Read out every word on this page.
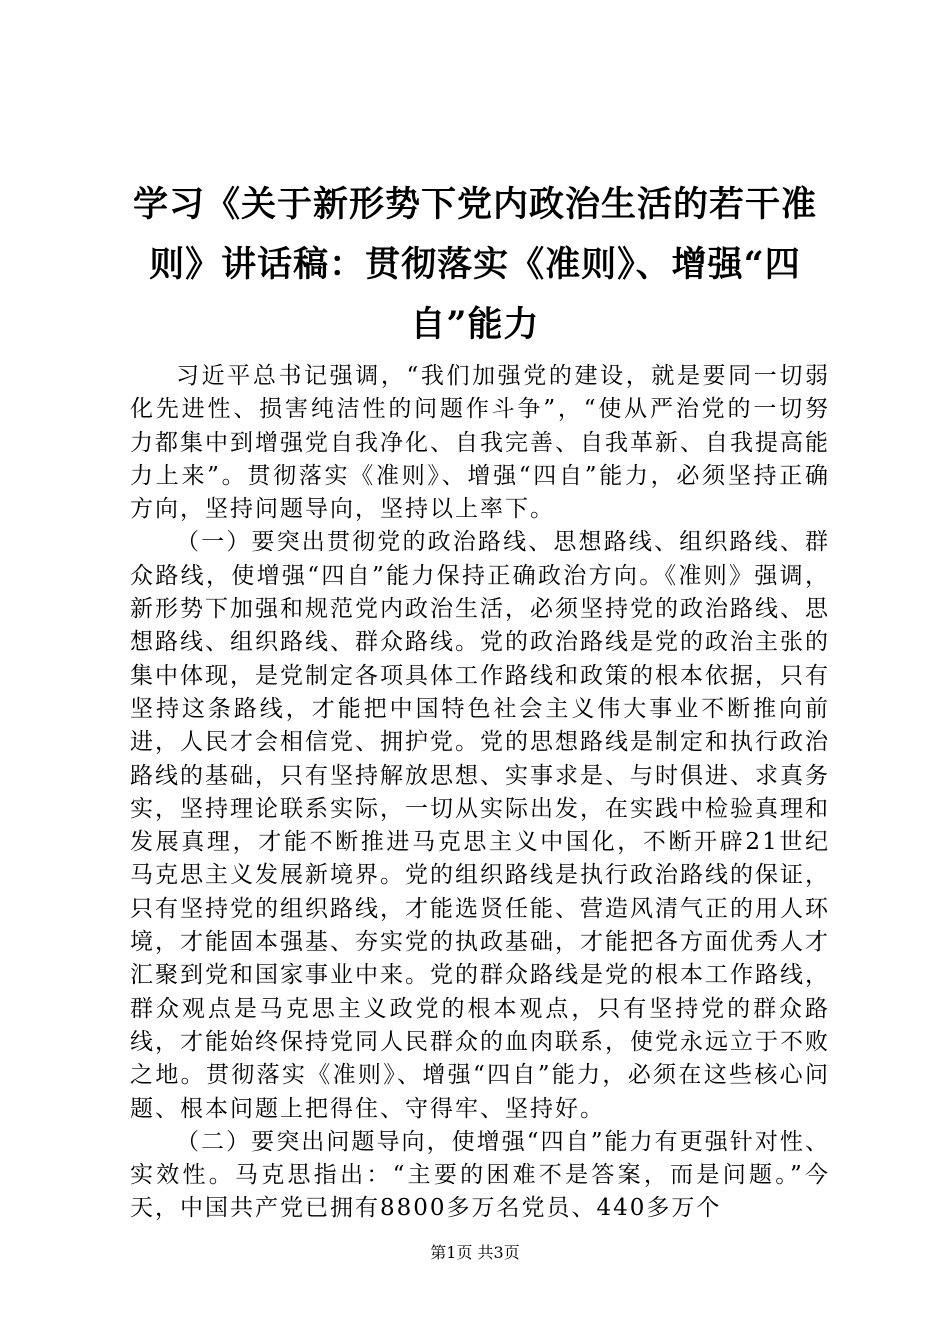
学习《关于新形势下党内政治生活的若干准则》讲话稿：贯彻落实《准则》、增强“四自”能力

习近平总书记强调，“我们加强党的建设，就是要同一切弱化先进性、损害纯洁性的问题作斗争”，“使从严治党的一切努力都集中到增强党自我净化、自我完善、自我革新、自我提高能力上来”。贯彻落实《准则》、增强“四自”能力，必须坚持正确方向，坚持问题导向，坚持以上率下。

（一）要突出贯彻党的政治路线、思想路线、组织路线、群众路线，使增强“四自”能力保持正确政治方向。《准则》强调，新形势下加强和规范党内政治生活，必须坚持党的政治路线、思想路线、组织路线、群众路线。党的政治路线是党的政治主张的集中体现，是党制定各项具体工作路线和政策的根本依据，只有坚持这条路线，才能把中国特色社会主义伟大事业不断推向前进，人民才会相信党、拥护党。党的思想路线是制定和执行政治路线的基础，只有坚持解放思想、实事求是、与时俱进、求真务实，坚持理论联系实际，一切从实际出发，在实践中检验真理和发展真理，才能不断推进马克思主义中国化，不断开辟21世纪马克思主义发展新境界。党的组织路线是执行政治路线的保证，只有坚持党的组织路线，才能选贤任能、营造风清气正的用人环境，才能固本强基、夯实党的执政基础，才能把各方面优秀人才汇聚到党和国家事业中来。党的群众路线是党的根本工作路线，群众观点是马克思主义政党的根本观点，只有坚持党的群众路线，才能始终保持党同人民群众的血肉联系，使党永远立于不败之地。贯彻落实《准则》、增强“四自”能力，必须在这些核心问题、根本问题上把得住、守得牢、坚持好。

（二）要突出问题导向，使增强“四自”能力有更强针对性、实效性。马克思指出：“主要的困难不是答案，而是问题。”今天，中国共产党已拥有8800多万名党员、440多万个

第1页 共3页
